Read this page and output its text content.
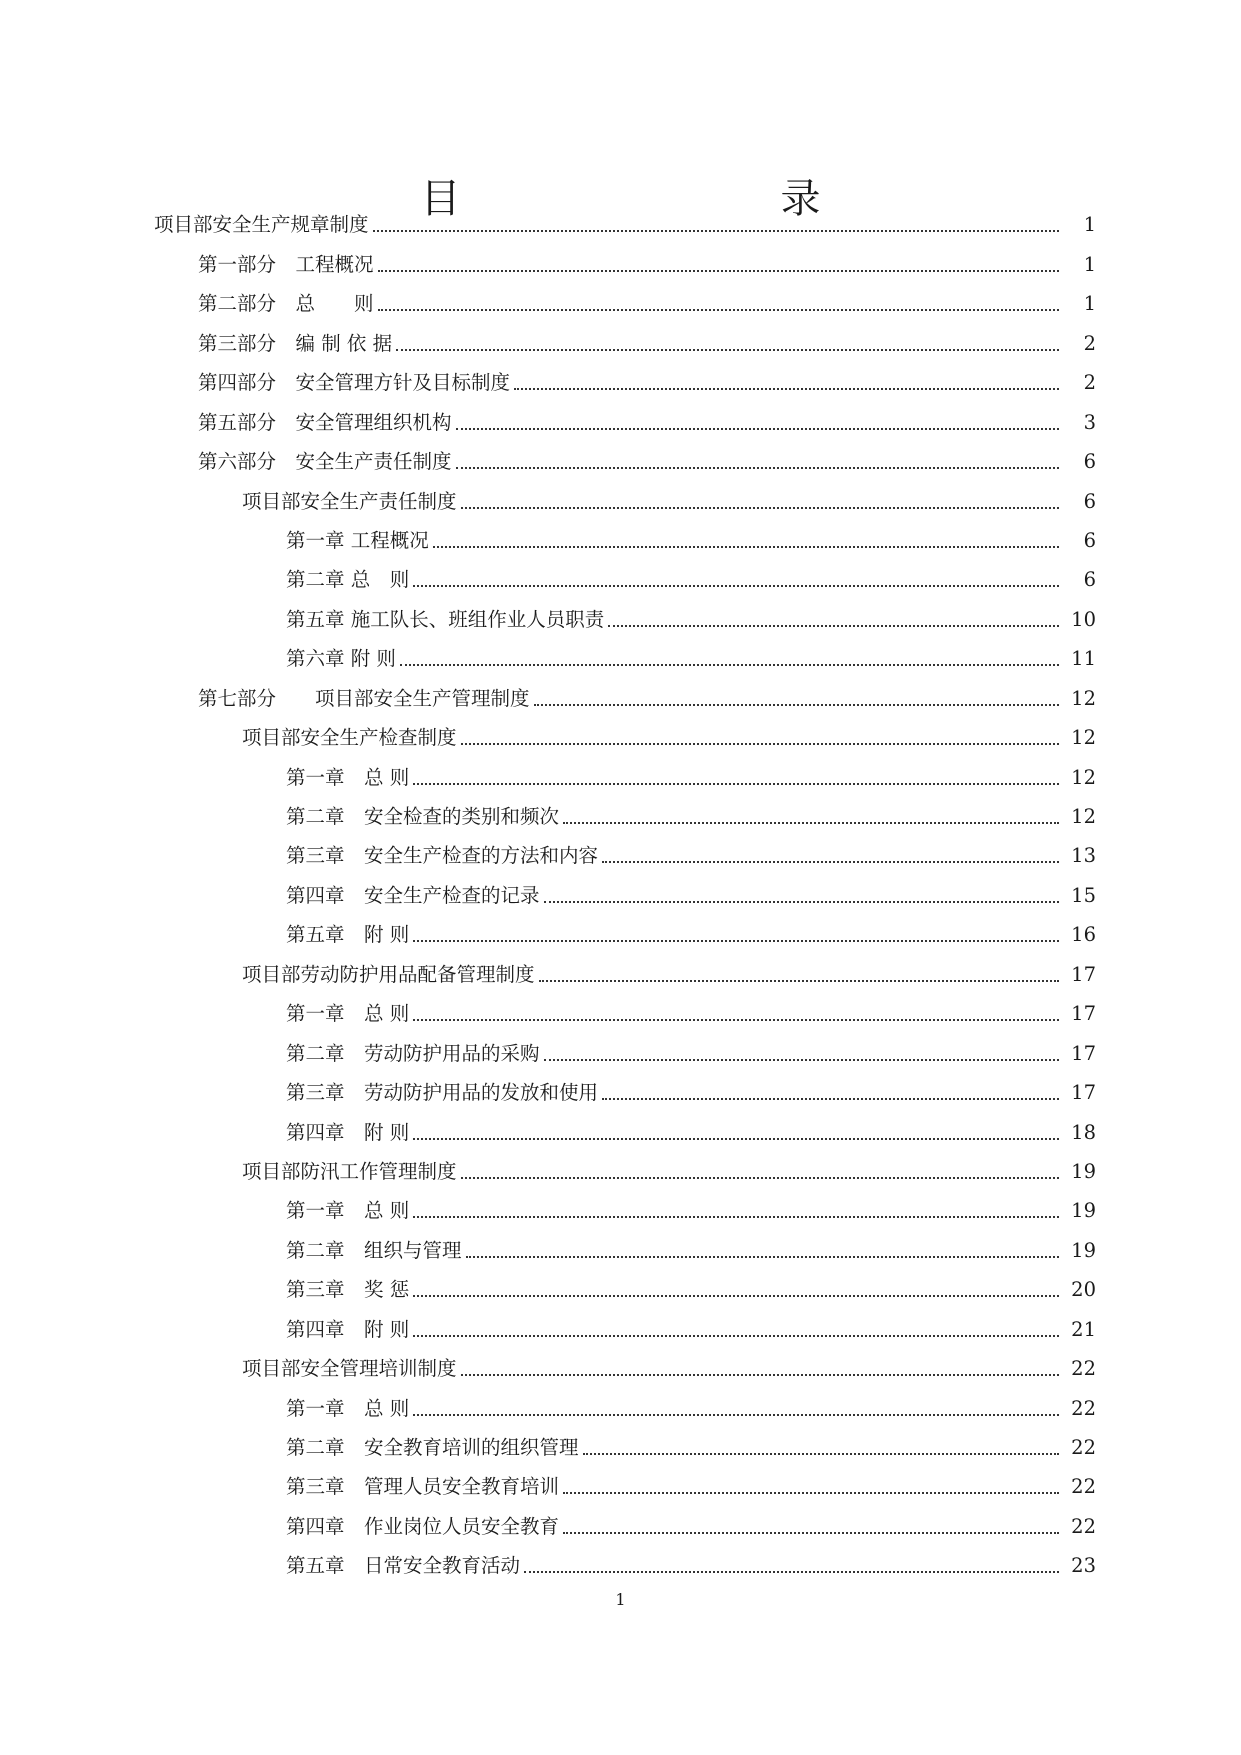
目　　录
项目部安全生产规章制度	1
第一部分　工程概况	1
第二部分　总　　则	1
第三部分　编 制 依 据	2
第四部分　安全管理方针及目标制度	2
第五部分　安全管理组织机构	3
第六部分　安全生产责任制度	6
项目部安全生产责任制度	6
第一章 工程概况	6
第二章 总　则	6
第五章 施工队长、班组作业人员职责	10
第六章 附 则	11
第七部分　　项目部安全生产管理制度	12
项目部安全生产检查制度	12
第一章　总 则	12
第二章　安全检查的类别和频次	12
第三章　安全生产检查的方法和内容	13
第四章　安全生产检查的记录	15
第五章　附 则	16
项目部劳动防护用品配备管理制度	17
第一章　总 则	17
第二章　劳动防护用品的采购	17
第三章　劳动防护用品的发放和使用	17
第四章　附 则	18
项目部防汛工作管理制度	19
第一章　总 则	19
第二章　组织与管理	19
第三章　奖 惩	20
第四章　附 则	21
项目部安全管理培训制度	22
第一章　总 则	22
第二章　安全教育培训的组织管理	22
第三章　管理人员安全教育培训	22
第四章　作业岗位人员安全教育	22
第五章　日常安全教育活动	23
1
